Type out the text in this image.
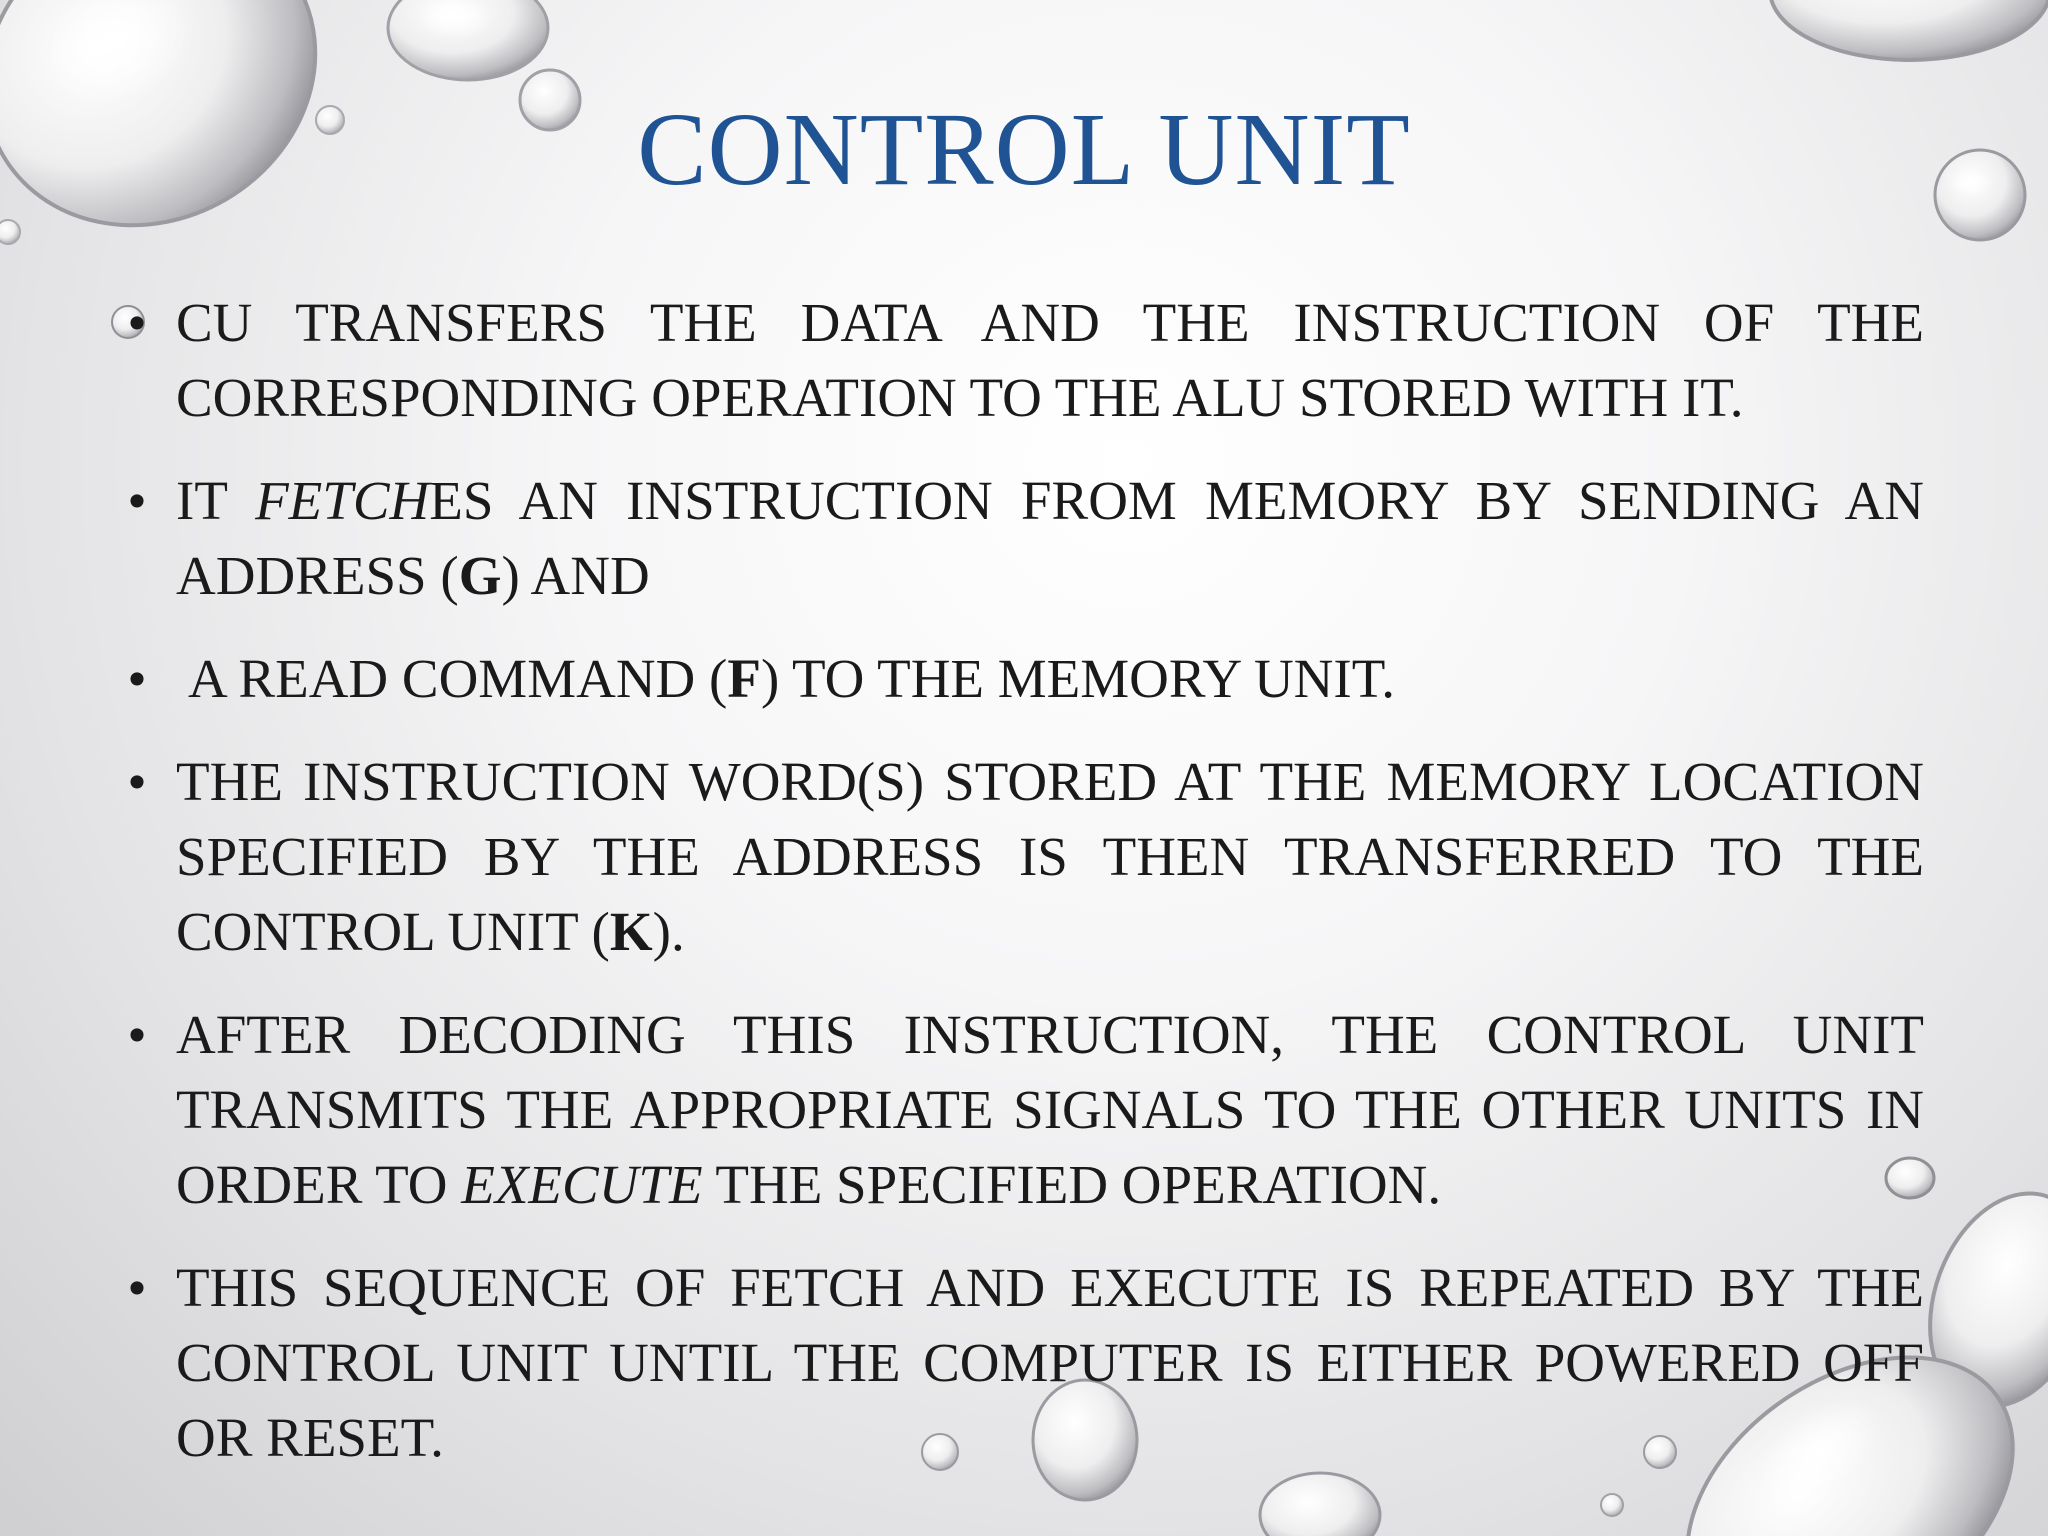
CONTROL UNIT
• CU TRANSFERS THE DATA AND THE INSTRUCTION OF THE CORRESPONDING OPERATION TO THE ALU STORED WITH IT.
• IT FETCHES AN INSTRUCTION FROM MEMORY BY SENDING AN ADDRESS (G) AND
• A READ COMMAND (F) TO THE MEMORY UNIT.
• THE INSTRUCTION WORD(S) STORED AT THE MEMORY LOCATION SPECIFIED BY THE ADDRESS IS THEN TRANSFERRED TO THE CONTROL UNIT (K).
• AFTER DECODING THIS INSTRUCTION, THE CONTROL UNIT TRANSMITS THE APPROPRIATE SIGNALS TO THE OTHER UNITS IN ORDER TO EXECUTE THE SPECIFIED OPERATION.
• THIS SEQUENCE OF FETCH AND EXECUTE IS REPEATED BY THE CONTROL UNIT UNTIL THE COMPUTER IS EITHER POWERED OFF OR RESET.
